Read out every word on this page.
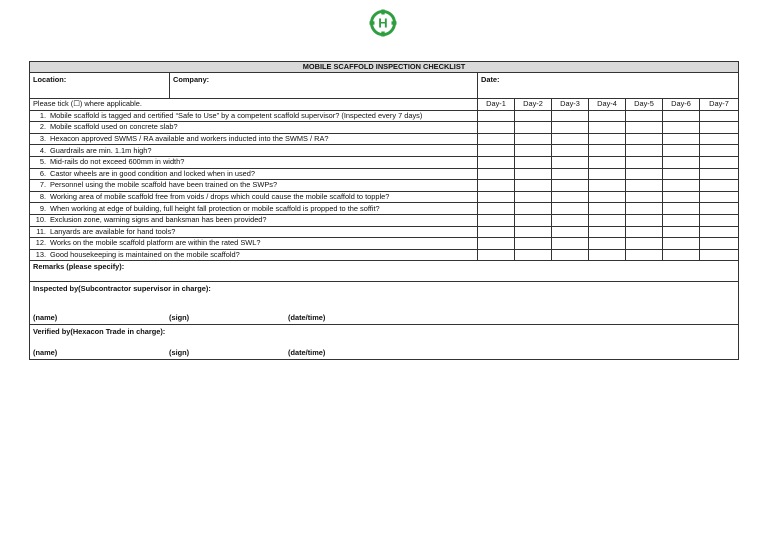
H
MOBILE SCAFFOLD INSPECTION CHECKLIST								
Location:	Company:	Date:						
Please tick (☐) where applicable.		Day-1	Day-2	Day-3	Day-4	Day-5	Day-6	Day-7
1. Mobile scaffold is tagged and certified “Safe to Use” by a competent scaffold supervisor? (Inspected every 7 days)								
2. Mobile scaffold used on concrete slab?								
3. Hexacon approved SWMS / RA available and workers inducted into the SWMS / RA?								
4. Guardrails are min. 1.1m high?								
5. Mid-rails do not exceed 600mm in width?								
6. Castor wheels are in good condition and locked when in used?								
7. Personnel using the mobile scaffold have been trained on the SWPs?								
8. Working area of mobile scaffold free from voids / drops which could cause the mobile scaffold to topple?								
9. When working at edge of building, full height fall protection or mobile scaffold is propped to the soffit?								
10. Exclusion zone, warning signs and banksman has been provided?								
11. Lanyards are available for hand tools?								
12. Works on the mobile scaffold platform are within the rated SWL?								
13. Good housekeeping is maintained on the mobile scaffold?								
Remarks (please specify):								

Inspected by(Subcontractor supervisor in charge):
(name) (sign) (date/time)								

Verified by(Hexacon Trade in charge):
(name) (sign) (date/time)								
